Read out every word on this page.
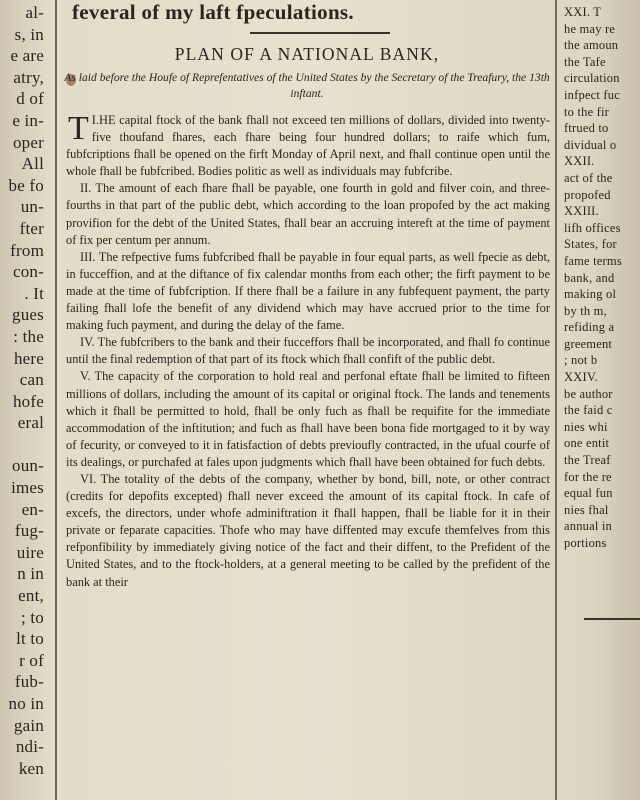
al-
s, in
e are
atry,
d of
e in-
oper
All
be fo
un-
fter
from
con-
. It
gues
: the
here
can
hofe
eral

oun-
imes
en-
fug-
uire
n in
ent,
; to
lt to
r of
fub-
no in
gain
ndi-
ken
feveral of my laft fpeculations.
PLAN OF A NATIONAL BANK,
As laid before the Houfe of Reprefentatives of the United States by the Secretary of the Treafury, the 13th inftant.

T I.HE capital ftock of the bank fhall not exceed ten millions of dollars, divided into twenty-five thoufand fhares, each fhare being four hundred dollars; to raife which fum, fubfcriptions fhall be opened on the firft Monday of April next, and fhall continue open until the whole fhall be fubfcribed. Bodies politic as well as individuals may fubfcribe.

II. The amount of each fhare fhall be payable, one fourth in gold and filver coin, and three-fourths in that part of the public debt, which according to the loan propofed by the act making provifion for the debt of the United States, fhall bear an accruing intereft at the time of payment of fix per centum per annum.

III. The refpective fums fubfcribed fhall be payable in four equal parts, as well fpecie as debt, in fucceffion, and at the diftance of fix calendar months from each other; the firft payment to be made at the time of fubfcription. If there fhall be a failure in any fubfequent payment, the party failing fhall lofe the benefit of any dividend which may have accrued prior to the time for making fuch payment, and during the delay of the fame.

IV. The fubfcribers to the bank and their fucceffors fhall be incorporated, and fhall fo continue until the final redemption of that part of its ftock which fhall confift of the public debt.

V. The capacity of the corporation to hold real and perfonal eftate fhall be limited to fifteen millions of dollars, including the amount of its capital or original ftock. The lands and tenements which it fhall be permitted to hold, fhall be only fuch as fhall be requifite for the immediate accommodation of the inftitution; and fuch as fhall have been bona fide mortgaged to it by way of fecurity, or conveyed to it in fatisfaction of debts previoufly contracted, in the ufual courfe of its dealings, or purchafed at fales upon judgments which fhall have been obtained for fuch debts.

VI. The totality of the debts of the company, whether by bond, bill, note, or other contract (credits for depofits excepted) fhall never exceed the amount of its capital ftock. In cafe of excefs, the directors, under whofe adminiftration it fhall happen, fhall be liable for it in their private or feparate capacities. Thofe who may have diffented may excufe themfelves from this refponfibility by immediately giving notice of the fact and their diffent, to the Prefident of the United States, and to the ftock-holders, at a general meeting to be called by the prefident of the bank at their

XXI. T
he may re
the amoun
the Tafe
circulation
infpect fuc
to the fir
ftrued to
dividual o
XXII.
act of the
propofed
XXIII.
lifh offices
States, for
fame terms
bank, and
making ol
by th m,
refiding a
greement
; not b
XXIV.
be author
the faid c
nies whi
one entit
the Treaf
for the re
equal fun
nies fhal
annual in
portions
